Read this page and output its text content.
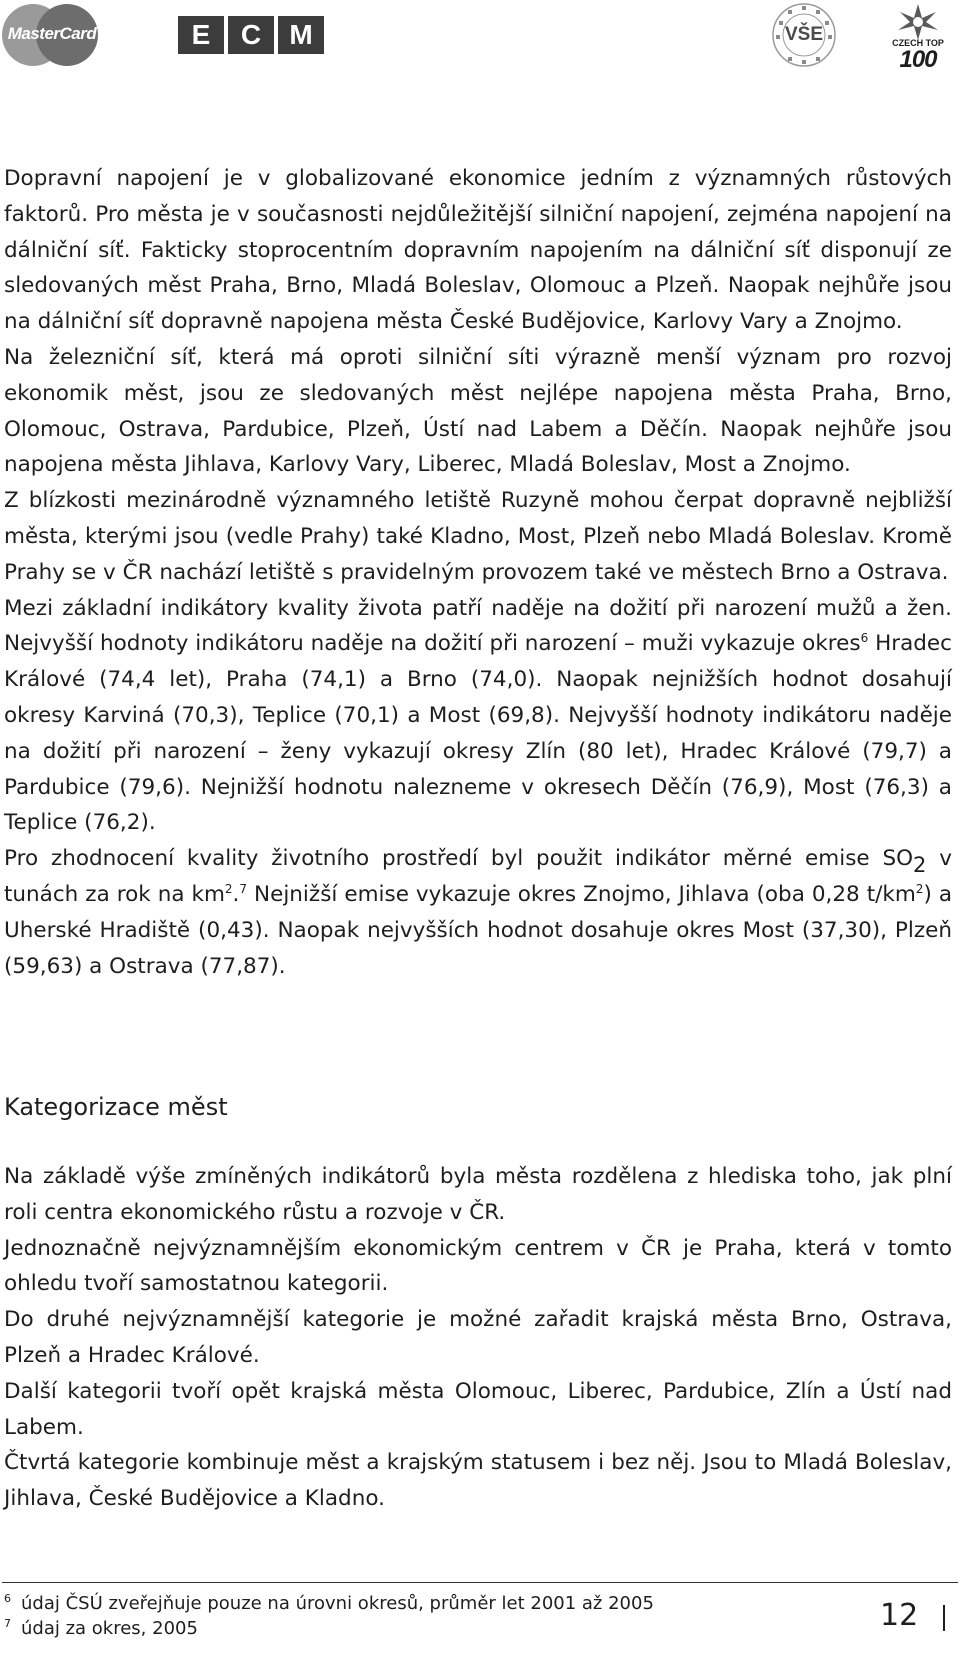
MasterCard	E	C	M	VŠE	CZECH TOP
100

Dopravní napojení je v globalizované ekonomice jedním z významných růstových faktorů. Pro města je v současnosti nejdůležitější silniční napojení, zejména napojení na dálniční síť. Fakticky stoprocentním dopravním napojením na dálniční síť disponují ze sledovaných měst Praha, Brno, Mladá Boleslav, Olomouc a Plzeň. Naopak nejhůře jsou na dálniční síť dopravně napojena města České Budějovice, Karlovy Vary a Znojmo.

Na železniční síť, která má oproti silniční síti výrazně menší význam pro rozvoj ekonomik měst, jsou ze sledovaných měst nejlépe napojena města Praha, Brno, Olomouc, Ostrava, Pardubice, Plzeň, Ústí nad Labem a Děčín. Naopak nejhůře jsou napojena města Jihlava, Karlovy Vary, Liberec, Mladá Boleslav, Most a Znojmo.

Z blízkosti mezinárodně významného letiště Ruzyně mohou čerpat dopravně nejbližší města, kterými jsou (vedle Prahy) také Kladno, Most, Plzeň nebo Mladá Boleslav. Kromě Prahy se v ČR nachází letiště s pravidelným provozem také ve městech Brno a Ostrava.

Mezi základní indikátory kvality života patří naděje na dožití při narození mužů a žen. Nejvyšší hodnoty indikátoru naděje na dožití při narození – muži vykazuje okres$^6$ Hradec Králové (74,4 let), Praha (74,1) a Brno (74,0). Naopak nejnižších hodnot dosahují okresy Karviná (70,3), Teplice (70,1) a Most (69,8). Nejvyšší hodnoty indikátoru naděje na dožití při narození – ženy vykazují okresy Zlín (80 let), Hradec Králové (79,7) a Pardubice (79,6). Nejnižší hodnotu nalezneme v okresech Děčín (76,9), Most (76,3) a Teplice (76,2).

Pro zhodnocení kvality životního prostředí byl použit indikátor měrné emise SO2 v tunách za rok na $km^2.^7$ Nejnižší emise vykazuje okres Znojmo, Jihlava (oba 0,28 $t/km^2$) a Uherské Hradiště (0,43). Naopak nejvyšších hodnot dosahuje okres Most (37,30), Plzeň (59,63) a Ostrava (77,87).

Kategorizace měst

Na základě výše zmíněných indikátorů byla města rozdělena z hlediska toho, jak plní roli centra ekonomického růstu a rozvoje v ČR.

Jednoznačně nejvýznamnějším ekonomickým centrem v ČR je Praha, která v tomto ohledu tvoří samostatnou kategorii.

Do druhé nejvýznamnější kategorie je možné zařadit krajská města Brno, Ostrava, Plzeň a Hradec Králové.

Další kategorii tvoří opět krajská města Olomouc, Liberec, Pardubice, Zlín a Ústí nad Labem.

Čtvrtá kategorie kombinuje měst a krajským statusem i bez něj. Jsou to Mladá Boleslav, Jihlava, České Budějovice a Kladno.

$^6$ údaj ČSÚ zveřejňuje pouze na úrovni okresů, průměr let 2001 až 2005
$^7$ údaj za okres, 2005	12
